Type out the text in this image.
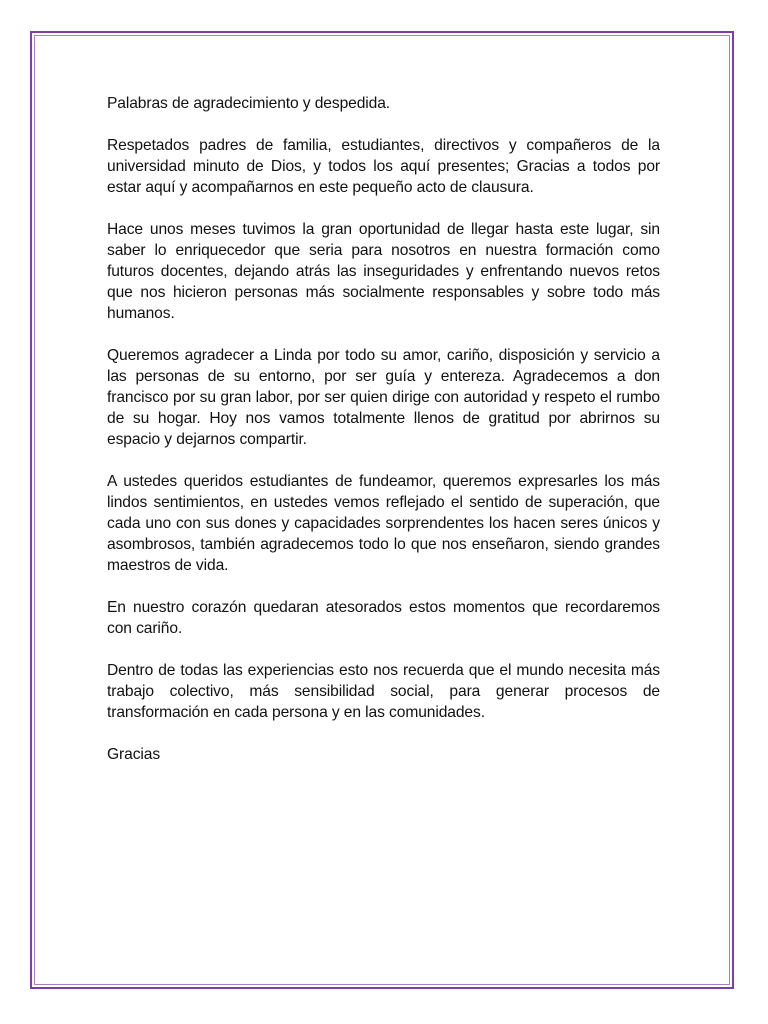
Palabras de agradecimiento y despedida.

Respetados padres de familia, estudiantes, directivos y compañeros de la universidad minuto de Dios, y todos los aquí presentes; Gracias a todos por estar aquí y acompañarnos en este pequeño acto de clausura.

Hace unos meses tuvimos la gran oportunidad de llegar hasta este lugar, sin saber lo enriquecedor que seria para nosotros en nuestra formación como futuros docentes, dejando atrás las inseguridades y enfrentando nuevos retos que nos hicieron personas más socialmente responsables y sobre todo más humanos.

Queremos agradecer a Linda por todo su amor, cariño, disposición y servicio a las personas de su entorno, por ser guía y entereza. Agradecemos a don francisco por su gran labor, por ser quien dirige con autoridad y respeto el rumbo de su hogar. Hoy nos vamos totalmente llenos de gratitud por abrirnos su espacio y dejarnos compartir.

A ustedes queridos estudiantes de fundeamor, queremos expresarles los más lindos sentimientos, en ustedes vemos reflejado el sentido de superación, que cada uno con sus dones y capacidades sorprendentes los hacen seres únicos y asombrosos, también agradecemos todo lo que nos enseñaron, siendo grandes maestros de vida.

En nuestro corazón quedaran atesorados estos momentos que recordaremos con cariño.

Dentro de todas las experiencias esto nos recuerda que el mundo necesita más trabajo colectivo, más sensibilidad social, para generar procesos de transformación en cada persona y en las comunidades.

Gracias
